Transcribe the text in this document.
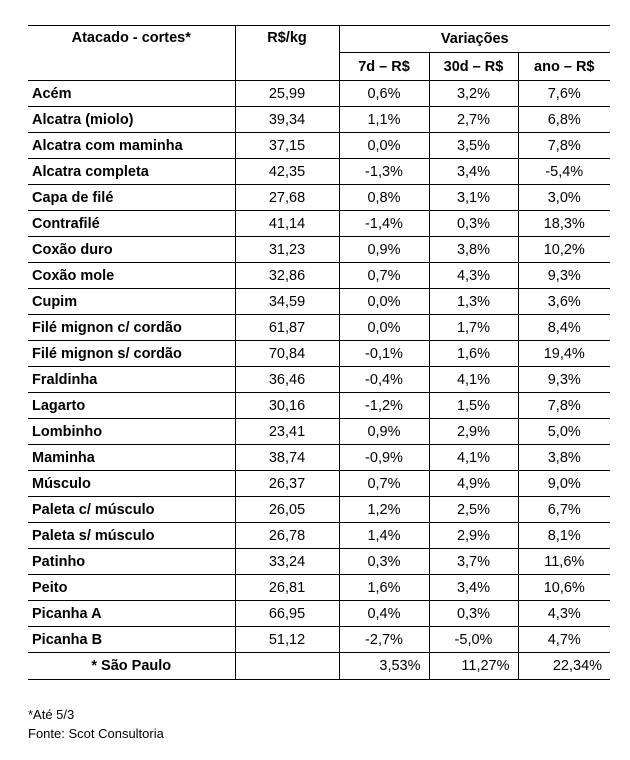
Atacado - cortes*	R$/kg	Variações		
		7d – R$	30d – R$	ano – R$
Acém	25,99	0,6%	3,2%	7,6%
Alcatra (miolo)	39,34	1,1%	2,7%	6,8%
Alcatra com maminha	37,15	0,0%	3,5%	7,8%
Alcatra completa	42,35	-1,3%	3,4%	-5,4%
Capa de filé	27,68	0,8%	3,1%	3,0%
Contrafilé	41,14	-1,4%	0,3%	18,3%
Coxão duro	31,23	0,9%	3,8%	10,2%
Coxão mole	32,86	0,7%	4,3%	9,3%
Cupim	34,59	0,0%	1,3%	3,6%
Filé mignon c/ cordão	61,87	0,0%	1,7%	8,4%
Filé mignon s/ cordão	70,84	-0,1%	1,6%	19,4%
Fraldinha	36,46	-0,4%	4,1%	9,3%
Lagarto	30,16	-1,2%	1,5%	7,8%
Lombinho	23,41	0,9%	2,9%	5,0%
Maminha	38,74	-0,9%	4,1%	3,8%
Músculo	26,37	0,7%	4,9%	9,0%
Paleta c/ músculo	26,05	1,2%	2,5%	6,7%
Paleta s/ músculo	26,78	1,4%	2,9%	8,1%
Patinho	33,24	0,3%	3,7%	11,6%
Peito	26,81	1,6%	3,4%	10,6%
Picanha A	66,95	0,4%	0,3%	4,3%
Picanha B	51,12	-2,7%	-5,0%	4,7%
* São Paulo		3,53%	11,27%	22,34%
*Até 5/3
Fonte: Scot Consultoria
